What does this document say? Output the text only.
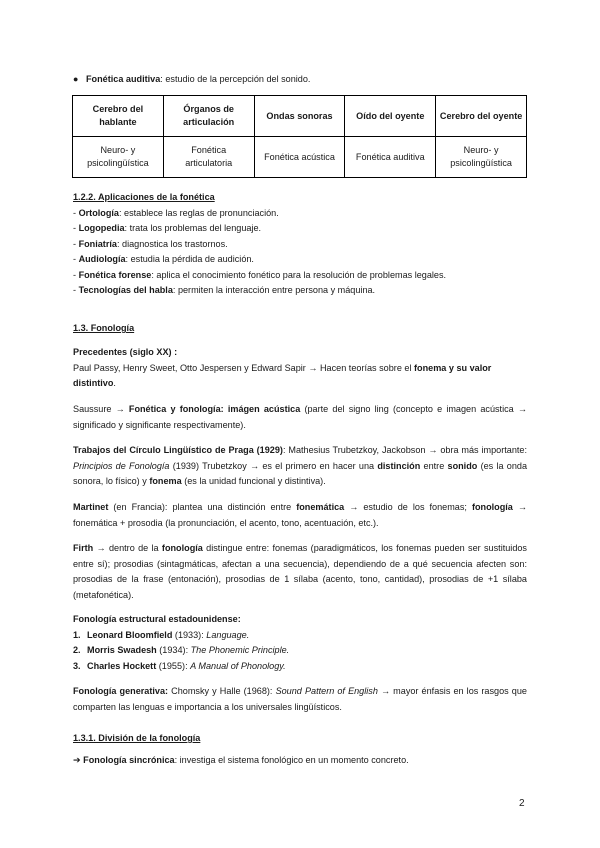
● Fonética auditiva: estudio de la percepción del sonido.
Cerebro del hablante	Órganos de articulación	Ondas sonoras	Oído del oyente	Cerebro del oyente
Neuro- y psicolingüística	Fonética articulatoria	Fonética acústica	Fonética auditiva	Neuro- y psicolingüística
1.2.2. Aplicaciones de la fonética
- Ortología: establece las reglas de pronunciación.
- Logopedia: trata los problemas del lenguaje.
- Foniatría: diagnostica los trastornos.
- Audiología: estudia la pérdida de audición.
- Fonética forense: aplica el conocimiento fonético para la resolución de problemas legales.
- Tecnologías del habla: permiten la interacción entre persona y máquina.
1.3. Fonología
Precedentes (siglo XX) :
Paul Passy, Henry Sweet, Otto Jespersen y Edward Sapir → Hacen teorías sobre el fonema y su valor distintivo.
Saussure → Fonética y fonología: imágen acústica (parte del signo ling (concepto e imagen acústica → significado y significante respectivamente).
Trabajos del Círculo Lingüístico de Praga (1929): Mathesius Trubetzkoy, Jackobson → obra más importante: Principios de Fonología (1939) Trubetzkoy → es el primero en hacer una distinción entre sonido (es la onda sonora, lo físico) y fonema (es la unidad funcional y distintiva).
Martinet (en Francia): plantea una distinción entre fonemática → estudio de los fonemas; fonología → fonemática + prosodia (la pronunciación, el acento, tono, acentuación, etc.).
Firth → dentro de la fonología distingue entre: fonemas (paradigmáticos, los fonemas pueden ser sustituidos entre sí); prosodias (sintagmáticas, afectan a una secuencia), dependiendo de a qué secuencia afecten son: prosodias de la frase (entonación), prosodias de 1 sílaba (acento, tono, cantidad), prosodias de +1 sílaba (metafonética).
Fonología estructural estadounidense:
1. Leonard Bloomfield (1933): Language.
2. Morris Swadesh (1934): The Phonemic Principle.
3. Charles Hockett (1955): A Manual of Phonology.
Fonología generativa: Chomsky y Halle (1968): Sound Pattern of English → mayor énfasis en los rasgos que comparten las lenguas e importancia a los universales lingüísticos.
1.3.1. División de la fonología
➔ Fonología sincrónica: investiga el sistema fonológico en un momento concreto.
2
